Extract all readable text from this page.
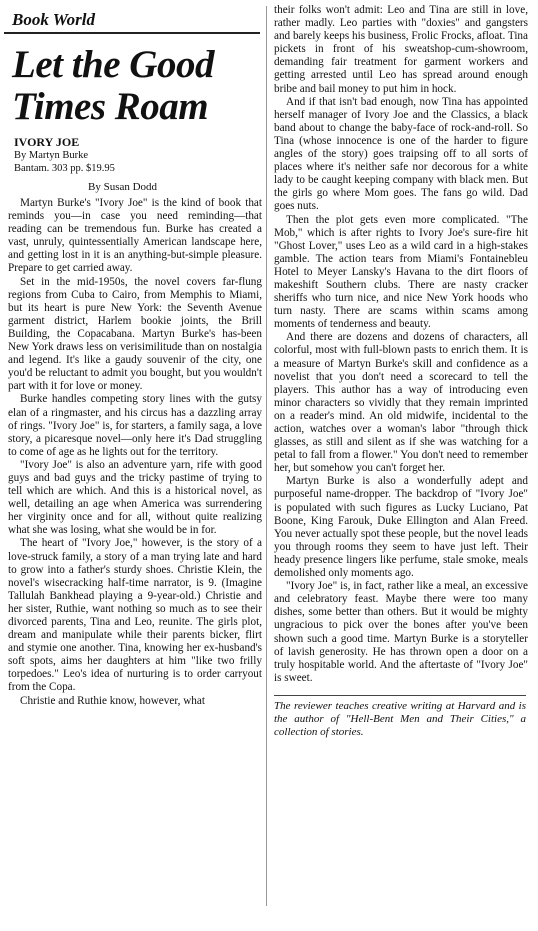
Book World
Let the Good
Times Roam
IVORY JOE
By Martyn Burke
Bantam. 303 pp. $19.95
By Susan Dodd

Martyn Burke's "Ivory Joe" is the kind of book that reminds you—in case you need reminding—that reading can be tremendous fun. Burke has created a vast, unruly, quintessentially American landscape here, and getting lost in it is an anything-but-simple pleasure. Prepare to get carried away.

Set in the mid-1950s, the novel covers far-flung regions from Cuba to Cairo, from Memphis to Miami, but its heart is pure New York: the Seventh Avenue garment district, Harlem bookie joints, the Brill Building, the Copacabana. Martyn Burke's has-been New York draws less on verisimilitude than on nostalgia and legend. It's like a gaudy souvenir of the city, one you'd be reluctant to admit you bought, but you wouldn't part with it for love or money.

Burke handles competing story lines with the gutsy elan of a ringmaster, and his circus has a dazzling array of rings. "Ivory Joe" is, for starters, a family saga, a love story, a picaresque novel—only here it's Dad struggling to come of age as he lights out for the territory.

"Ivory Joe" is also an adventure yarn, rife with good guys and bad guys and the tricky pastime of trying to tell which are which. And this is a historical novel, as well, detailing an age when America was surrendering her virginity once and for all, without quite realizing what she was losing, what she would be in for.

The heart of "Ivory Joe," however, is the story of a love-struck family, a story of a man trying late and hard to grow into a father's sturdy shoes. Christie Klein, the novel's wisecracking half-time narrator, is 9. (Imagine Tallulah Bankhead playing a 9-year-old.) Christie and her sister, Ruthie, want nothing so much as to see their divorced parents, Tina and Leo, reunite. The girls plot, dream and manipulate while their parents bicker, flirt and stymie one another. Tina, knowing her ex-husband's soft spots, aims her daughters at him "like two frilly torpedoes." Leo's idea of nurturing is to order carryout from the Copa.

Christie and Ruthie know, however, what

their folks won't admit: Leo and Tina are still in love, rather madly. Leo parties with "doxies" and gangsters and barely keeps his business, Frolic Frocks, afloat. Tina pickets in front of his sweatshop-cum-showroom, demanding fair treatment for garment workers and getting arrested until Leo has spread around enough bribe and bail money to put him in hock.

And if that isn't bad enough, now Tina has appointed herself manager of Ivory Joe and the Classics, a black band about to change the baby-face of rock-and-roll. So Tina (whose innocence is one of the harder to figure angles of the story) goes traipsing off to all sorts of places where it's neither safe nor decorous for a white lady to be caught keeping company with black men. But the girls go where Mom goes. The fans go wild. Dad goes nuts.

Then the plot gets even more complicated. "The Mob," which is after rights to Ivory Joe's sure-fire hit "Ghost Lover," uses Leo as a wild card in a high-stakes gamble. The action tears from Miami's Fontainebleu Hotel to Meyer Lansky's Havana to the dirt floors of makeshift Southern clubs. There are nasty cracker sheriffs who turn nice, and nice New York hoods who turn nasty. There are scams within scams among moments of tenderness and beauty.

And there are dozens and dozens of characters, all colorful, most with full-blown pasts to enrich them. It is a measure of Martyn Burke's skill and confidence as a novelist that you don't need a scorecard to tell the players. This author has a way of introducing even minor characters so vividly that they remain imprinted on a reader's mind. An old midwife, incidental to the action, watches over a woman's labor "through thick glasses, as still and silent as if she was watching for a petal to fall from a flower." You don't need to remember her, but somehow you can't forget her.

Martyn Burke is also a wonderfully adept and purposeful name-dropper. The backdrop of "Ivory Joe" is populated with such figures as Lucky Luciano, Pat Boone, King Farouk, Duke Ellington and Alan Freed. You never actually spot these people, but the novel leads you through rooms they seem to have just left. Their heady presence lingers like perfume, stale smoke, meals demolished only moments ago.

"Ivory Joe" is, in fact, rather like a meal, an excessive and celebratory feast. Maybe there were too many dishes, some better than others. But it would be mighty ungracious to pick over the bones after you've been shown such a good time. Martyn Burke is a storyteller of lavish generosity. He has thrown open a door on a truly hospitable world. And the aftertaste of "Ivory Joe" is sweet.

The reviewer teaches creative writing at Harvard and is the author of "Hell-Bent Men and Their Cities," a collection of stories.
